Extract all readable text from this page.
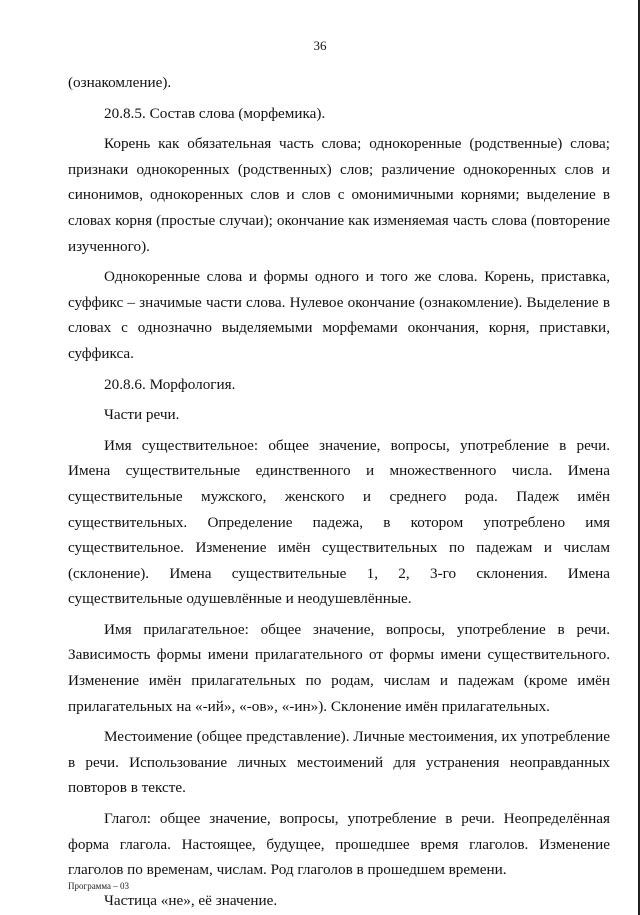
36

(ознакомление).

20.8.5. Состав слова (морфемика).

Корень как обязательная часть слова; однокоренные (родственные) слова; признаки однокоренных (родственных) слов; различение однокоренных слов и синонимов, однокоренных слов и слов с омонимичными корнями; выделение в словах корня (простые случаи); окончание как изменяемая часть слова (повторение изученного).

Однокоренные слова и формы одного и того же слова. Корень, приставка, суффикс – значимые части слова. Нулевое окончание (ознакомление). Выделение в словах с однозначно выделяемыми морфемами окончания, корня, приставки, суффикса.

20.8.6. Морфология.

Части речи.

Имя существительное: общее значение, вопросы, употребление в речи. Имена существительные единственного и множественного числа. Имена существительные мужского, женского и среднего рода. Падеж имён существительных. Определение падежа, в котором употреблено имя существительное. Изменение имён существительных по падежам и числам (склонение). Имена существительные 1, 2, 3-го склонения. Имена существительные одушевлённые и неодушевлённые.

Имя прилагательное: общее значение, вопросы, употребление в речи. Зависимость формы имени прилагательного от формы имени существительного. Изменение имён прилагательных по родам, числам и падежам (кроме имён прилагательных на «-ий», «-ов», «-ин»). Склонение имён прилагательных.

Местоимение (общее представление). Личные местоимения, их употребление в речи. Использование личных местоимений для устранения неоправданных повторов в тексте.

Глагол: общее значение, вопросы, употребление в речи. Неопределённая форма глагола. Настоящее, будущее, прошедшее время глаголов. Изменение глаголов по временам, числам. Род глаголов в прошедшем времени.

Частица «не», её значение.

Программа – 03
